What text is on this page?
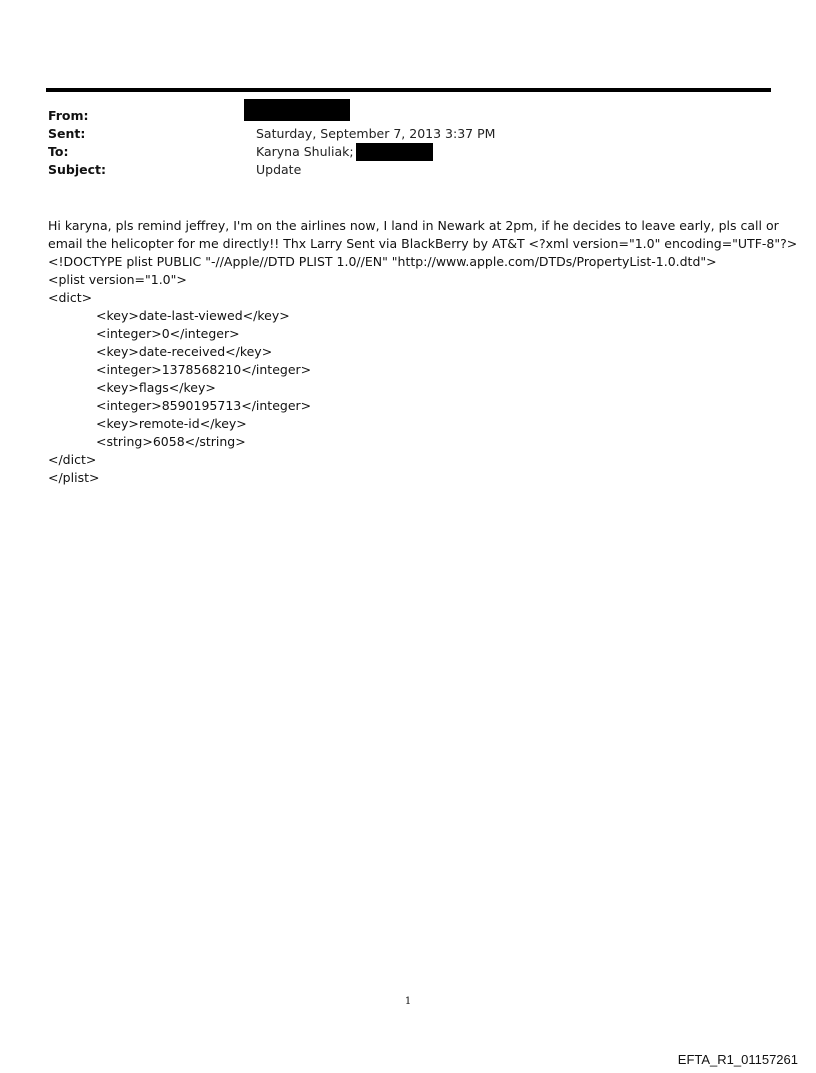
From:
Sent:	Saturday, September 7, 2013 3:37 PM
To:	Karyna Shuliak;
Subject:	Update
Hi karyna, pls remind jeffrey, I'm on the airlines now, I land in Newark at 2pm, if he decides to leave early, pls call or
email the helicopter for me directly!! Thx Larry Sent via BlackBerry by AT&T <?xml version="1.0" encoding="UTF-8"?>
<!DOCTYPE plist PUBLIC "-//Apple//DTD PLIST 1.0//EN" "http://www.apple.com/DTDs/PropertyList-1.0.dtd">
<plist version="1.0">
<dict>
<key>date-last-viewed</key>
<integer>0</integer>
<key>date-received</key>
<integer>1378568210</integer>
<key>flags</key>
<integer>8590195713</integer>
<key>remote-id</key>
<string>6058</string>
</dict>
</plist>
1
EFTA_R1_01157261
